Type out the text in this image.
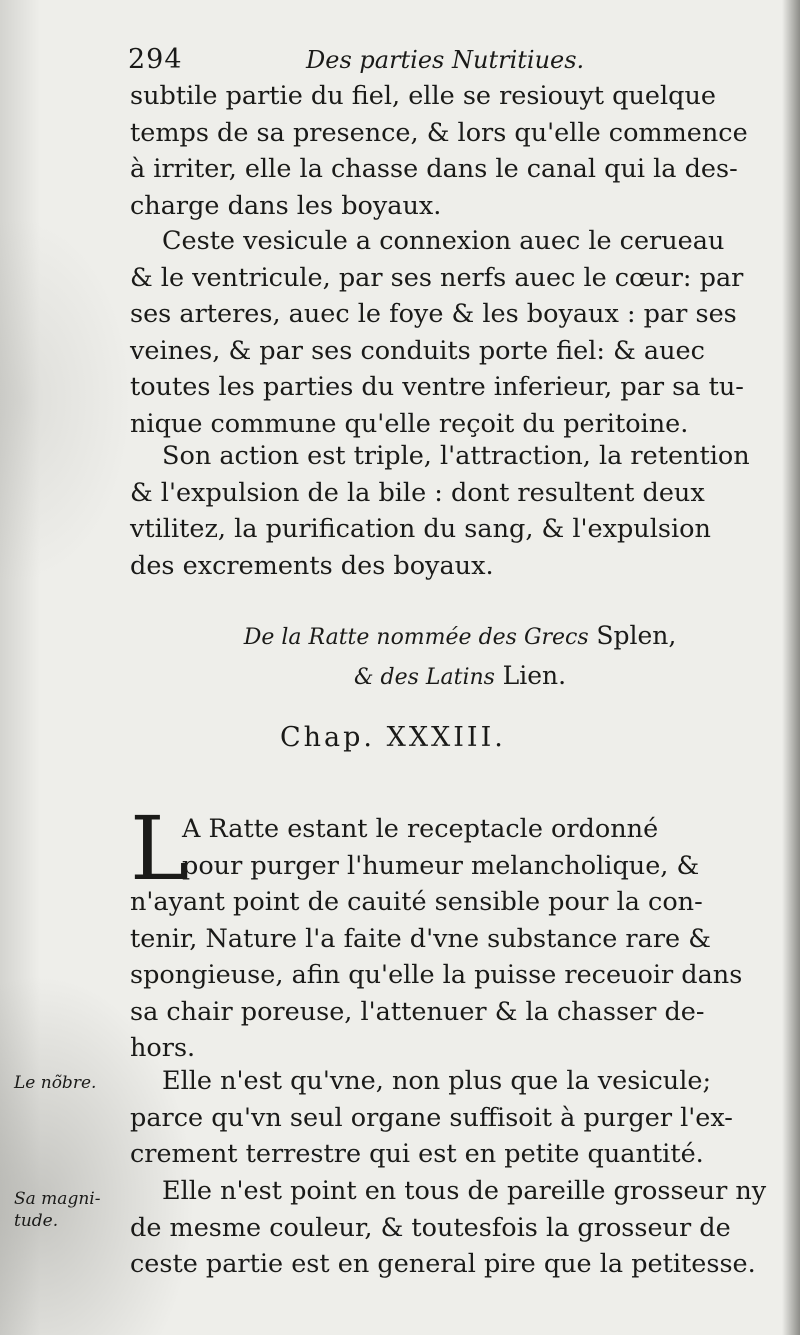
294	Des parties Nutritiues.
subtile partie du fiel, elle se resiouyt quelque
temps de sa presence, & lors qu'elle commence
à irriter, elle la chasse dans le canal qui la des-
charge dans les boyaux.
Ceste vesicule a connexion auec le cerueau
& le ventricule, par ses nerfs auec le cœur: par
ses arteres, auec le foye & les boyaux : par ses
veines, & par ses conduits porte fiel: & auec
toutes les parties du ventre inferieur, par sa tu-
nique commune qu'elle reçoit du peritoine.
Son action est triple, l'attraction, la retention
& l'expulsion de la bile : dont resultent deux
vtilitez, la purification du sang, & l'expulsion
des excrements des boyaux.
De la Ratte nommée des Grecs Splen,
& des Latins Lien.
Chap. XXXIII.
L
A Ratte estant le receptacle ordonné
pour purger l'humeur melancholique, &
n'ayant point de cauité sensible pour la con-
tenir, Nature l'a faite d'vne substance rare &
spongieuse, afin qu'elle la puisse receuoir dans
sa chair poreuse, l'attenuer & la chasser de-
hors.
Elle n'est qu'vne, non plus que la vesicule;
parce qu'vn seul organe suffisoit à purger l'ex-
crement terrestre qui est en petite quantité.
Elle n'est point en tous de pareille grosseur ny
de mesme couleur, & toutesfois la grosseur de
ceste partie est en general pire que la petitesse.
Le nõbre.
Sa magni-
tude.
